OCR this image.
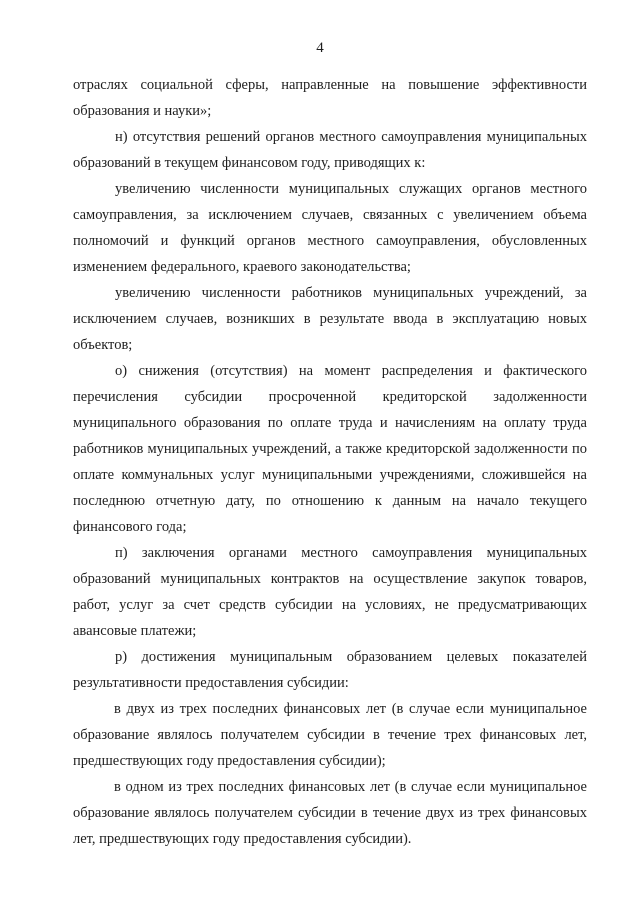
4

отраслях социальной сферы, направленные на повышение эффективности образования и науки»;

н) отсутствия решений органов местного самоуправления муниципальных образований в текущем финансовом году, приводящих к:

увеличению численности муниципальных служащих органов местного самоуправления, за исключением случаев, связанных с увеличением объема полномочий и функций органов местного самоуправления, обусловленных изменением федерального, краевого законодательства;

увеличению численности работников муниципальных учреждений, за исключением случаев, возникших в результате ввода в эксплуатацию новых объектов;

о) снижения (отсутствия) на момент распределения и фактического перечисления субсидии просроченной кредиторской задолженности муниципального образования по оплате труда и начислениям на оплату труда работников муниципальных учреждений, а также кредиторской задолженности по оплате коммунальных услуг муниципальными учреждениями, сложившейся на последнюю отчетную дату, по отношению к данным на начало текущего финансового года;

п) заключения органами местного самоуправления муниципальных образований муниципальных контрактов на осуществление закупок товаров, работ, услуг за счет средств субсидии на условиях, не предусматривающих авансовые платежи;

р) достижения муниципальным образованием целевых показателей результативности предоставления субсидии:

в двух из трех последних финансовых лет (в случае если муниципальное образование являлось получателем субсидии в течение трех финансовых лет, предшествующих году предоставления субсидии);

в одном из трех последних финансовых лет (в случае если муниципальное образование являлось получателем субсидии в течение двух из трех финансовых лет, предшествующих году предоставления субсидии).
